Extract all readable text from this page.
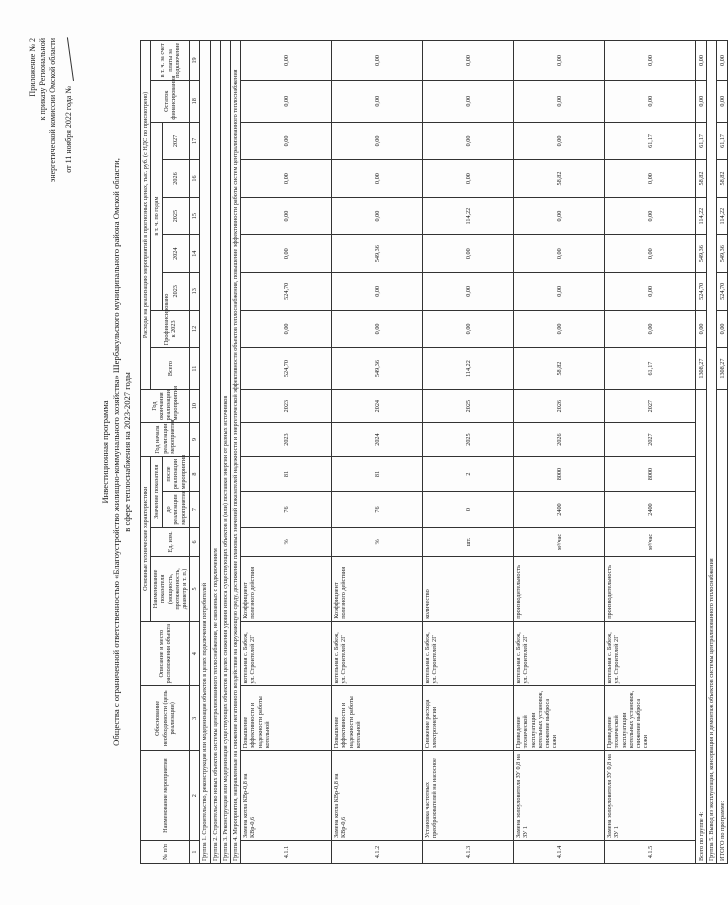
Приложение № 2 к приказу Региональной энергетической комиссии Омской области от 11 ноября 2022 года №
Инвестиционная программа Общества с ограниченной ответственностью «Благоустройство жилищно-коммунального хозяйства» Шербакульского муниципального района Омской области, в сфере теплоснабжения на 2023-2027 годы
№ п/п	Наименование мероприятия	Обоснование необходимости (цель реализации)	Описание и место расположения объекта	Основные технические характеристики				Год начала реализации мероприятия	Год окончания реализации мероприятия	Расходы на реализацию мероприятий в прогнозных ценах, тыс. руб. (с НДС по присмотрено)								
				Наименование показателя (мощность, протяженность, диаметр и т. п.)	Ед. изм.	Значение показателя				Всего	Профинансировано к 2023	в т. ч. по годам					Остаток финансирования	в т. ч. за счет платы за подключение
						до реализации мероприятия	после реализации мероприятия					2023	2024	2025	2026	2027		
1	2	3	4	5	6	7	8	9	10	11	12	13	14	15	16	17	18	19
Группа 1. Строительство, реконструкция или модернизация объектов в целях подключения потребителей																		
Группа 2. Строительство новых объектов системы централизованного теплоснабжения, не связанных с подключением																		
Группа 3. Реконструкция или модернизация существующих объектов в целях снижения уровня износа существующих объектов и (или) поставки энергии от разных источников																		
Группа 4. Мероприятия, направленные на снижение негативного воздействия на окружающую среду, достижение плановых значений показателей надежности и энергетической эффективности объектов теплоснабжения, повышение эффективности работы систем централизованного теплоснабжения																		
4.1.1	Замена котла КВр-0,8 на КВр-0,6	Повышение эффективности и надежности работы котельной	котельная с. Бабеж, ул. Строителей 2Г	Коэффициент полезного действия	%	76	81	2023	2023	524,70	0,00	524,70	0,00	0,00	0,00	0,00	0,00	0,00
4.1.2	Замена котла КВр-0,8 на КВр-0,6	Повышение эффективности и надежности работы котельной	котельная с. Бабеж, ул. Строителей 2Г	Коэффициент полезного действия	%	76	81	2024	2024	549,36	0,00	0,00	549,36	0,00	0,00	0,00	0,00	0,00
4.1.3	Установка частотных преобразователей на насосное	Снижение расхода электроэнергии	котельная с. Бабеж, ул. Строителей 2Г	количество	шт.	0	2	2025	2025	114,22	0,00	0,00	0,00	114,22	0,00	0,00	0,00	0,00
4.1.4	Замена золоуловителя ЗУ 0,8 на ЗУ 1	Приведение технической эксплуатации котельных установок, снижение выброса сажи	котельная с. Бабеж, ул. Строителей 2Г	производительность	м³/час	2400	8000	2026	2026	58,82	0,00	0,00	0,00	0,00	58,82	0,00	0,00	0,00
4.1.5	Замена золоуловителя ЗУ 0,8 на ЗУ 1	Приведение технической эксплуатации котельных установок, снижение выброса сажи	котельная с. Бабеж, ул. Строителей 2Г	производительность	м³/час	2400	8000	2027	2027	61,17	0,00	0,00	0,00	0,00	0,00	61,17	0,00	0,00
Всего по группе 4:										1308,27	0,00	524,70	549,36	114,22	58,82	61,17	0,00	0,00
Группа 5. Вывод из эксплуатации, консервация и демонтаж объектов системы централизованного теплоснабжения																		
ИТОГО по программе:										1308,27	0,00	524,70	549,36	114,22	58,82	61,17	0,00	0,00
